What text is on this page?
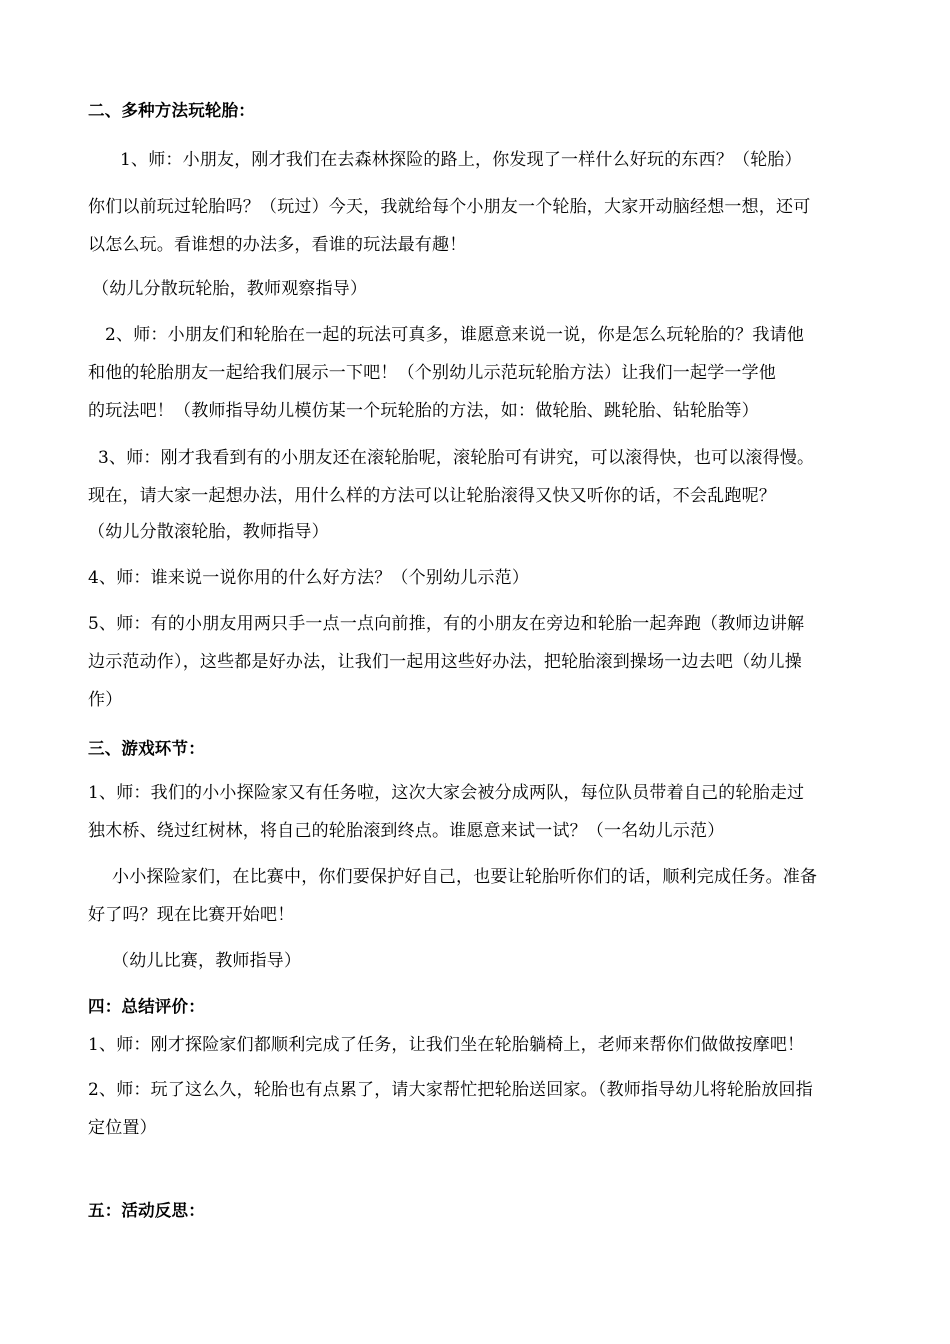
二、多种方法玩轮胎：
1、师：小朋友，刚才我们在去森林探险的路上，你发现了一样什么好玩的东西？（轮胎）
你们以前玩过轮胎吗？（玩过）今天，我就给每个小朋友一个轮胎，大家开动脑经想一想，还可
以怎么玩。看谁想的办法多，看谁的玩法最有趣！
（幼儿分散玩轮胎，教师观察指导）
2、师：小朋友们和轮胎在一起的玩法可真多，谁愿意来说一说，你是怎么玩轮胎的？我请他
和他的轮胎朋友一起给我们展示一下吧！（个别幼儿示范玩轮胎方法）让我们一起学一学他
的玩法吧！（教师指导幼儿模仿某一个玩轮胎的方法，如：做轮胎、跳轮胎、钻轮胎等）
3、师：刚才我看到有的小朋友还在滚轮胎呢，滚轮胎可有讲究，可以滚得快，也可以滚得慢。
现在，请大家一起想办法，用什么样的方法可以让轮胎滚得又快又听你的话，不会乱跑呢？
（幼儿分散滚轮胎，教师指导）
4、师：谁来说一说你用的什么好方法？（个别幼儿示范）
5、师：有的小朋友用两只手一点一点向前推，有的小朋友在旁边和轮胎一起奔跑（教师边讲解
边示范动作），这些都是好办法，让我们一起用这些好办法，把轮胎滚到操场一边去吧（幼儿操
作）
三、游戏环节：
1、师：我们的小小探险家又有任务啦，这次大家会被分成两队，每位队员带着自己的轮胎走过
独木桥、绕过红树林，将自己的轮胎滚到终点。谁愿意来试一试？（一名幼儿示范）
小小探险家们，在比赛中，你们要保护好自己，也要让轮胎听你们的话，顺利完成任务。准备
好了吗？现在比赛开始吧！
（幼儿比赛，教师指导）
四：总结评价：
1、师：刚才探险家们都顺利完成了任务，让我们坐在轮胎躺椅上，老师来帮你们做做按摩吧！
2、师：玩了这么久，轮胎也有点累了，请大家帮忙把轮胎送回家。（教师指导幼儿将轮胎放回指
定位置）
五：活动反思：
